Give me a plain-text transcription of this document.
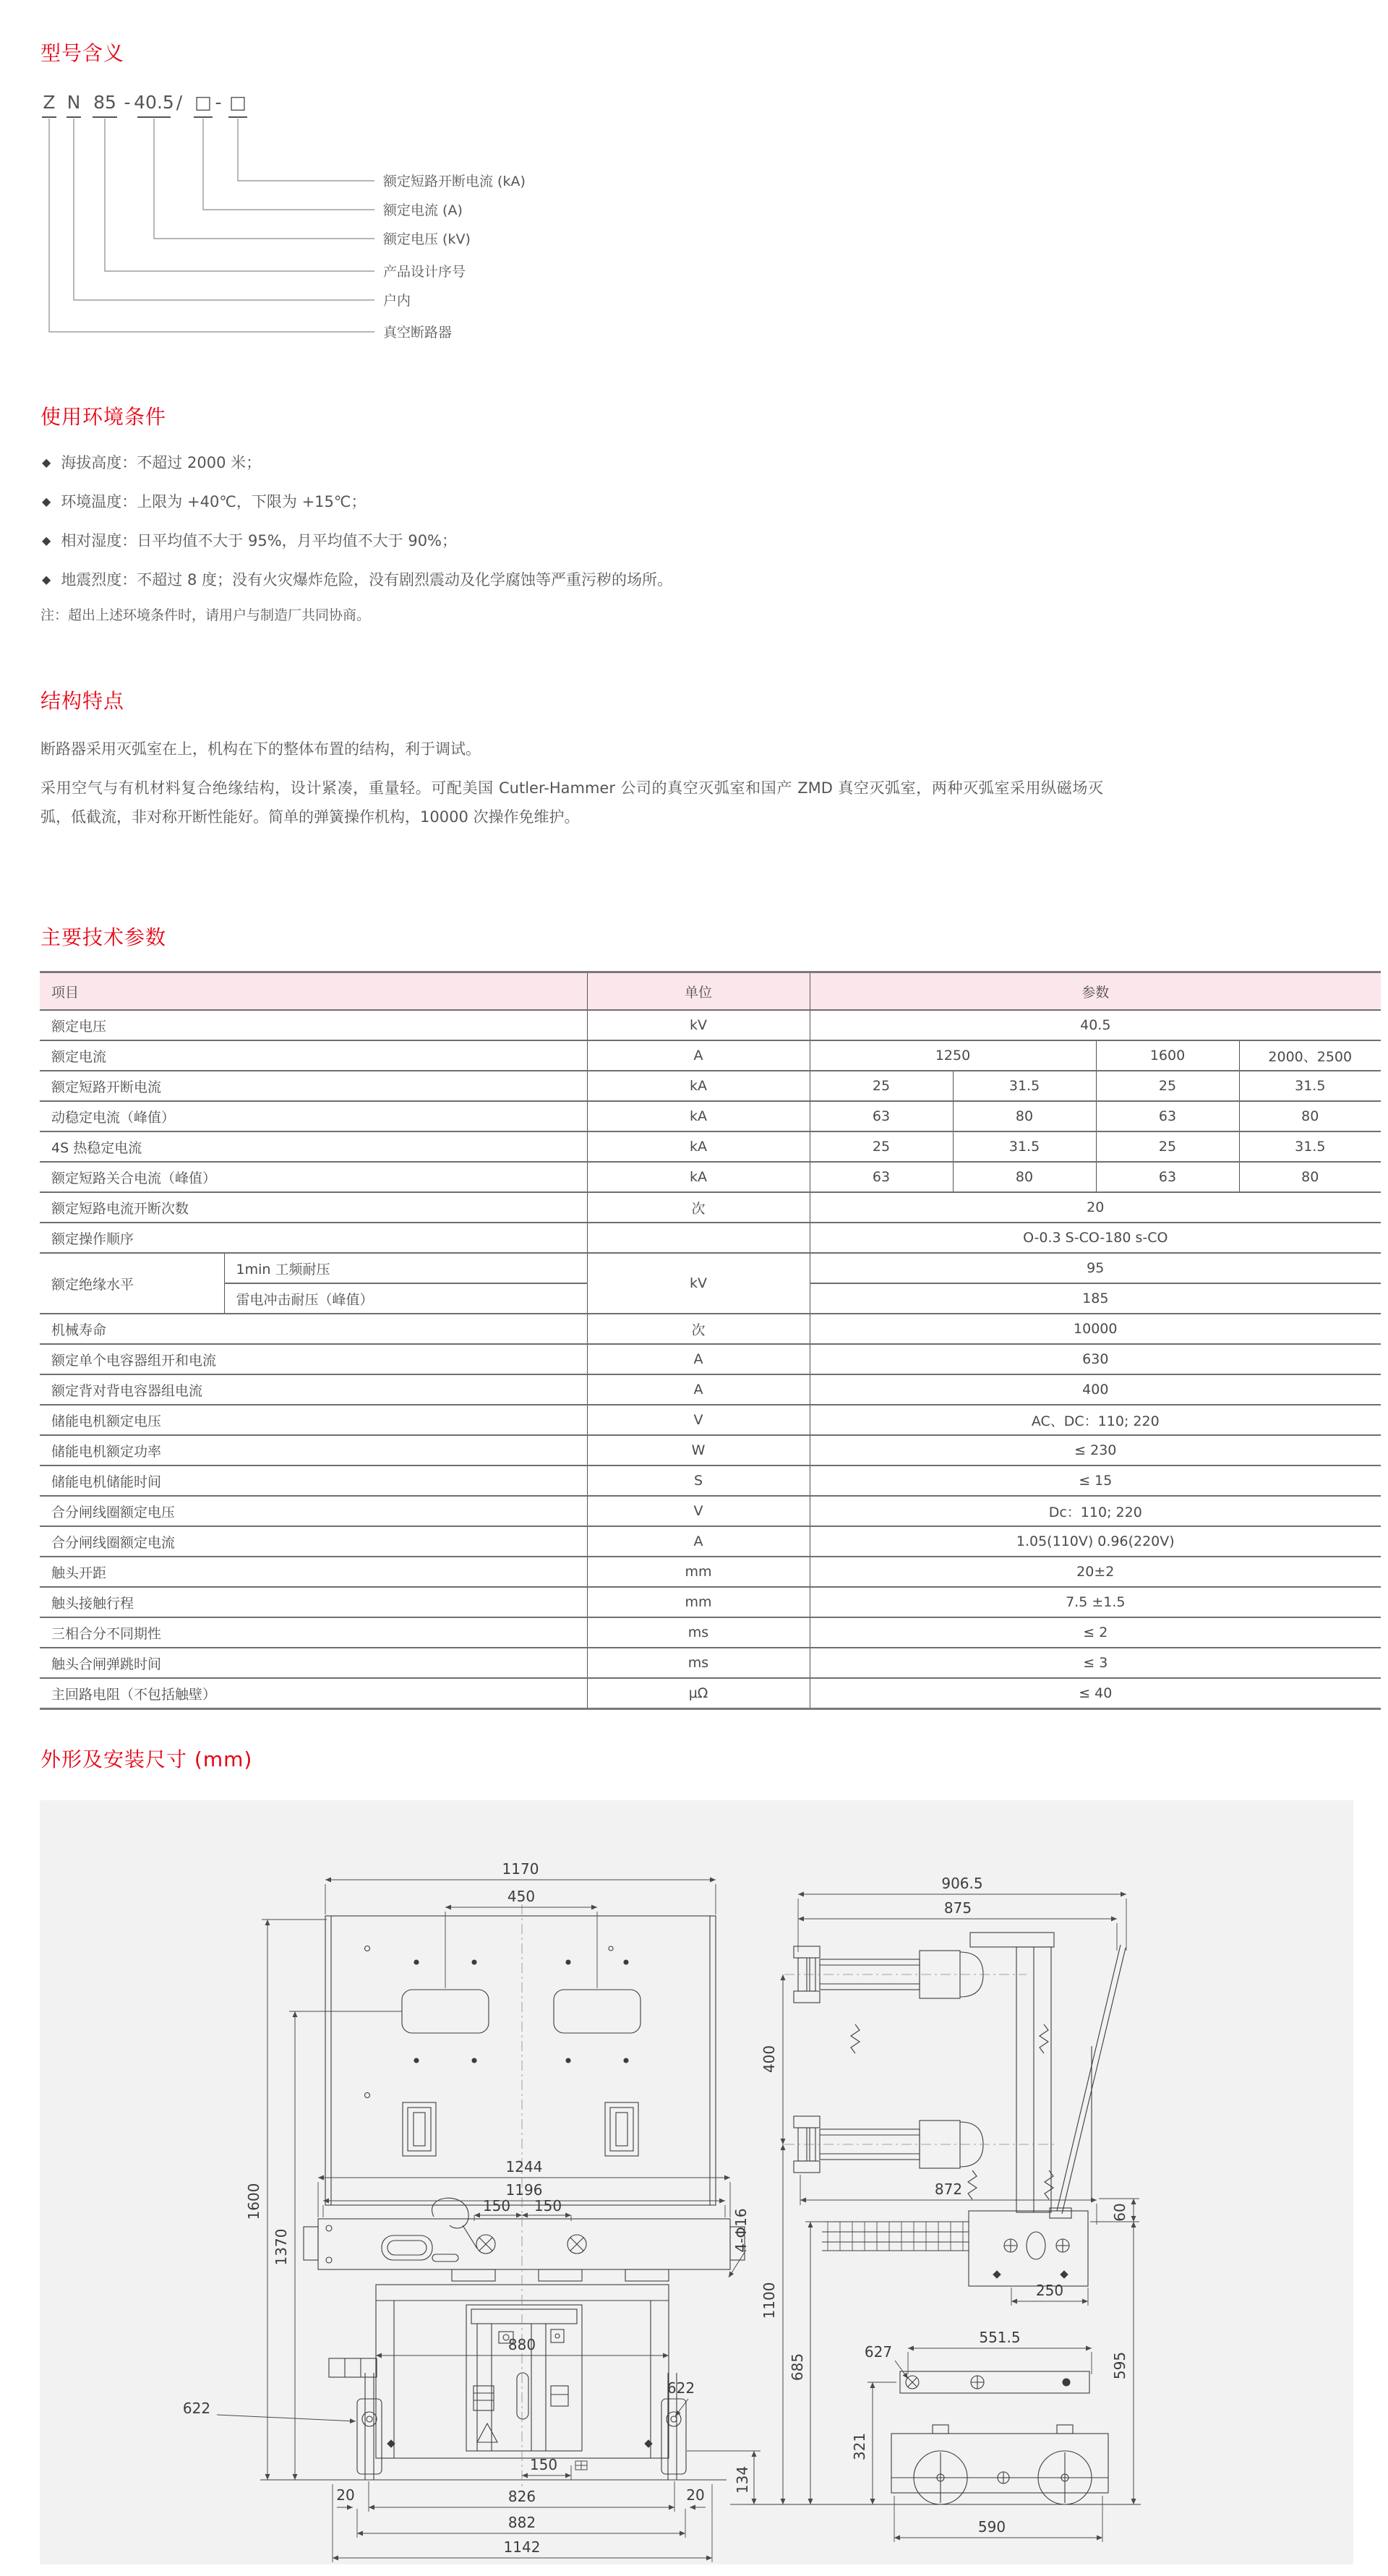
型号含义
Z N 85 - 40.5 / □ - □
额定短路开断电流 (kA)
额定电流 (A)
额定电压 (kV)
产品设计序号
户内
真空断路器
使用环境条件
◆ 海拔高度：不超过 2000 米；
◆ 环境温度：上限为 +40℃，下限为 +15℃；
◆ 相对湿度：日平均值不大于 95%，月平均值不大于 90%；
◆ 地震烈度：不超过 8 度；没有火灾爆炸危险，没有剧烈震动及化学腐蚀等严重污秽的场所。
注：超出上述环境条件时，请用户与制造厂共同协商。
结构特点

断路器采用灭弧室在上，机构在下的整体布置的结构，利于调试。

采用空气与有机材料复合绝缘结构，设计紧凑，重量轻。可配美国 Cutler-Hammer 公司的真空灭弧室和国产 ZMD 真空灭弧室，两种灭弧室采用纵磁场灭弧，低截流，非对称开断性能好。简单的弹簧操作机构，10000 次操作免维护。

主要技术参数
项目		单位	参数			
额定电压		kV	40.5			
额定电流		A	1250		1600	2000、2500
额定短路开断电流		kA	25	31.5	25	31.5
动稳定电流（峰值）		kA	63	80	63	80
4S 热稳定电流		kA	25	31.5	25	31.5
额定短路关合电流（峰值）		kA	63	80	63	80
额定短路电流开断次数		次	20			
额定操作顺序			O-0.3 S-CO-180 s-CO			
额定绝缘水平	1min 工频耐压	kV	95			
	雷电冲击耐压（峰值）		185			
机械寿命		次	10000			
额定单个电容器组开和电流		A	630			
额定背对背电容器组电流		A	400			
储能电机额定电压		V	AC、DC：110; 220			
储能电机额定功率		W	≤ 230			
储能电机储能时间		S	≤ 15			
合分闸线圈额定电压		V	Dc：110; 220			
合分闸线圈额定电流		A	1.05(110V) 0.96(220V)			
触头开距		mm	20±2			
触头接触行程		mm	7.5 ±1.5			
三相合分不同期性		ms	≤ 2			
触头合闸弹跳时间		ms	≤ 3			
主回路电阻（不包括触壁）		μΩ	≤ 40			
外形及安装尺寸 (mm)
1170
450
1600
1370
1244
1196
150 150
4-Φ16
880
622
622
150
134
20	20
826
882
1142
906.5
875
400
1100
685
872
60
595
250
551.5
627
321
590
